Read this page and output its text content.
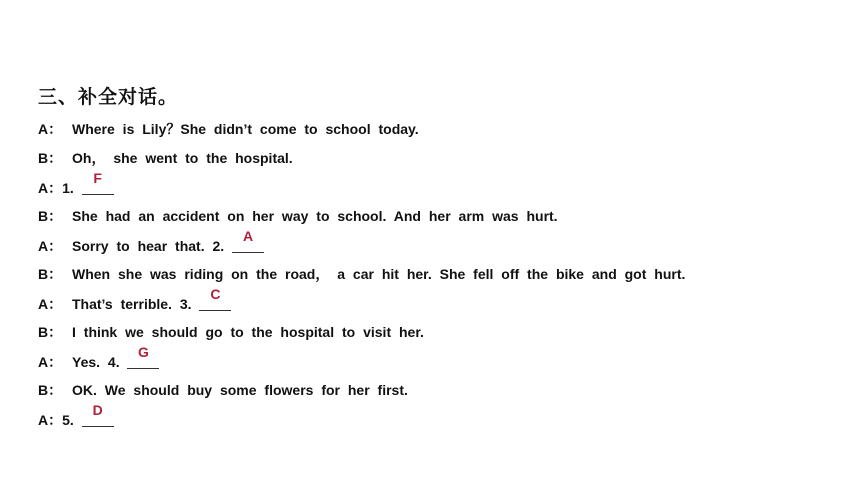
三、补全对话。
A： Where is Lily？She didn’t come to school today.
B： Oh， she went to the hospital.
A：1.
F
B： She had an accident on her way to school. And her arm was hurt.
A： Sorry to hear that. 2.
A
B： When she was riding on the road， a car hit her. She fell off the bike and got hurt.
A： That’s terrible. 3.
C
B： I think we should go to the hospital to visit her.
A： Yes. 4.
G
B： OK. We should buy some flowers for her first.
A：5.
D
